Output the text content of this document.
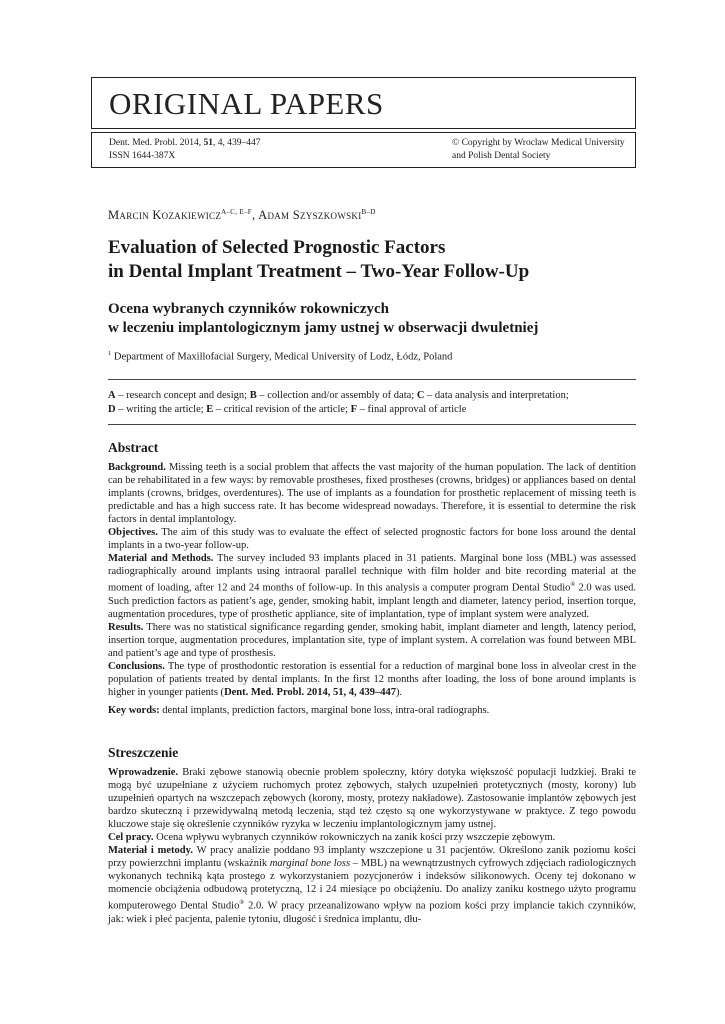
ORIGINAL PAPERS
Dent. Med. Probl. 2014, 51, 4, 439–447
ISSN 1644-387X
© Copyright by Wroclaw Medical University
and Polish Dental Society
Marcin Kozakiewicz$^{A-C, E-F}$, Adam Szyszkowski$^{B-D}$
Evaluation of Selected Prognostic Factors
in Dental Implant Treatment – Two-Year Follow-Up
Ocena wybranych czynników rokowniczych
w leczeniu implantologicznym jamy ustnej w obserwacji dwuletniej
$^1$ Department of Maxillofacial Surgery, Medical University of Lodz, Łódz, Poland
A – research concept and design; B – collection and/or assembly of data; C – data analysis and interpretation;
D – writing the article; E – critical revision of the article; F – final approval of article
Abstract

Background. Missing teeth is a social problem that affects the vast majority of the human population. The lack of dentition can be rehabilitated in a few ways: by removable prostheses, fixed prostheses (crowns, bridges) or appliances based on dental implants (crowns, bridges, overdentures). The use of implants as a foundation for prosthetic replacement of missing teeth is predictable and has a high success rate. It has become widespread nowadays. Therefore, it is essential to determine the risk factors in dental implantology.

Objectives. The aim of this study was to evaluate the effect of selected prognostic factors for bone loss around the dental implants in a two-year follow-up.

Material and Methods. The survey included 93 implants placed in 31 patients. Marginal bone loss (MBL) was assessed radiographically around implants using intraoral parallel technique with film holder and bite recording material at the moment of loading, after 12 and 24 months of follow-up. In this analysis a computer program Dental Studio® 2.0 was used. Such prediction factors as patient’s age, gender, smoking habit, implant length and diameter, latency period, insertion torque, augmentation procedures, type of prosthetic appliance, site of implantation, type of implant system were analyzed.

Results. There was no statistical significance regarding gender, smoking habit, implant diameter and length, latency period, insertion torque, augmentation procedures, implantation site, type of implant system. A correlation was found between MBL and patient’s age and type of prosthesis.

Conclusions. The type of prosthodontic restoration is essential for a reduction of marginal bone loss in alveolar crest in the population of patients treated by dental implants. In the first 12 months after loading, the loss of bone around implants is higher in younger patients (Dent. Med. Probl. 2014, 51, 4, 439–447).

Key words: dental implants, prediction factors, marginal bone loss, intra-oral radiographs.

Streszczenie

Wprowadzenie. Braki zębowe stanowią obecnie problem społeczny, który dotyka większość populacji ludzkiej. Braki te mogą być uzupełniane z użyciem ruchomych protez zębowych, stałych uzupełnień protetycznych (mosty, korony) lub uzupełnień opartych na wszczepach zębowych (korony, mosty, protezy nakładowe). Zastosowanie implantów zębowych jest bardzo skuteczną i przewidywalną metodą leczenia, stąd też często są one wykorzystywane w praktyce. Z tego powodu kluczowe staje się określenie czynników ryzyka w leczeniu implantologicznym jamy ustnej.

Cel pracy. Ocena wpływu wybranych czynników rokowniczych na zanik kości przy wszczepie zębowym.

Materiał i metody. W pracy analizie poddano 93 implanty wszczepione u 31 pacjentów. Określono zanik poziomu kości przy powierzchni implantu (wskaźnik marginal bone loss – MBL) na wewnątrzustnych cyfrowych zdjęciach radiologicznych wykonanych techniką kąta prostego z wykorzystaniem pozycjonerów i indeksów silikonowych. Oceny tej dokonano w momencie obciążenia odbudową protetyczną, 12 i 24 miesiące po obciążeniu. Do analizy zaniku kostnego użyto programu komputerowego Dental Studio® 2.0. W pracy przeanalizowano wpływ na poziom kości przy implancie takich czynników, jak: wiek i płeć pacjenta, palenie tytoniu, długość i średnica implantu, dłu-
